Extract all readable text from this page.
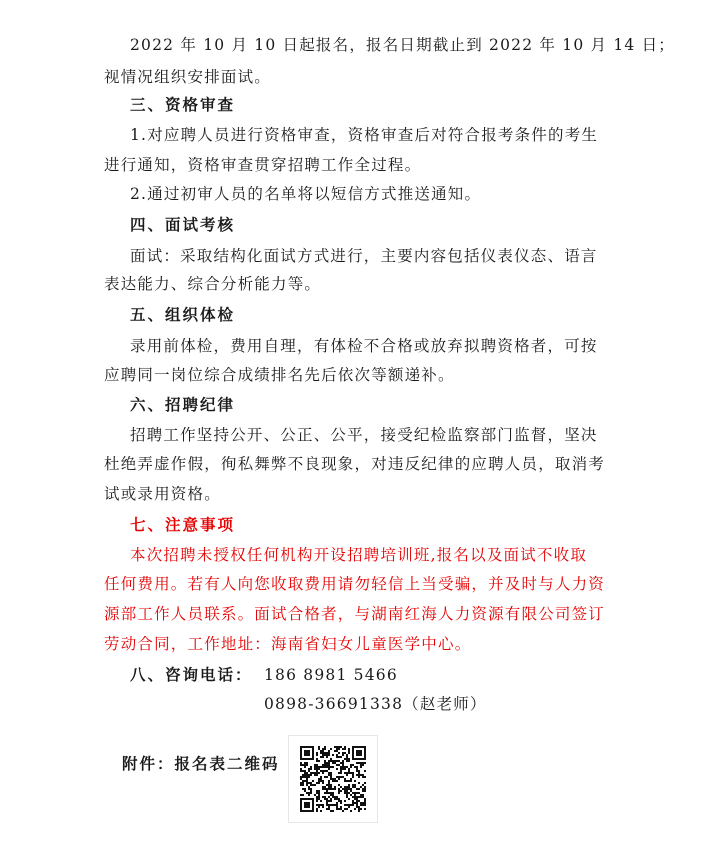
2022 年 10 月 10 日起报名，报名日期截止到 2022 年 10 月 14 日；
视情况组织安排面试。
三、资格审查
1.对应聘人员进行资格审查，资格审查后对符合报考条件的考生
进行通知，资格审查贯穿招聘工作全过程。
2.通过初审人员的名单将以短信方式推送通知。
四、面试考核
面试：采取结构化面试方式进行，主要内容包括仪表仪态、语言
表达能力、综合分析能力等。
五、组织体检
录用前体检，费用自理，有体检不合格或放弃拟聘资格者，可按
应聘同一岗位综合成绩排名先后依次等额递补。
六、招聘纪律
招聘工作坚持公开、公正、公平，接受纪检监察部门监督，坚决
杜绝弄虚作假，徇私舞弊不良现象，对违反纪律的应聘人员，取消考
试或录用资格。
七、注意事项
本次招聘未授权任何机构开设招聘培训班,报名以及面试不收取
任何费用。若有人向您收取费用请勿轻信上当受骗，并及时与人力资
源部工作人员联系。面试合格者，与湖南红海人力资源有限公司签订
劳动合同，工作地址：海南省妇女儿童医学中心。
八、咨询电话： 186 8981 5466
0898-36691338（赵老师）
附件：报名表二维码
